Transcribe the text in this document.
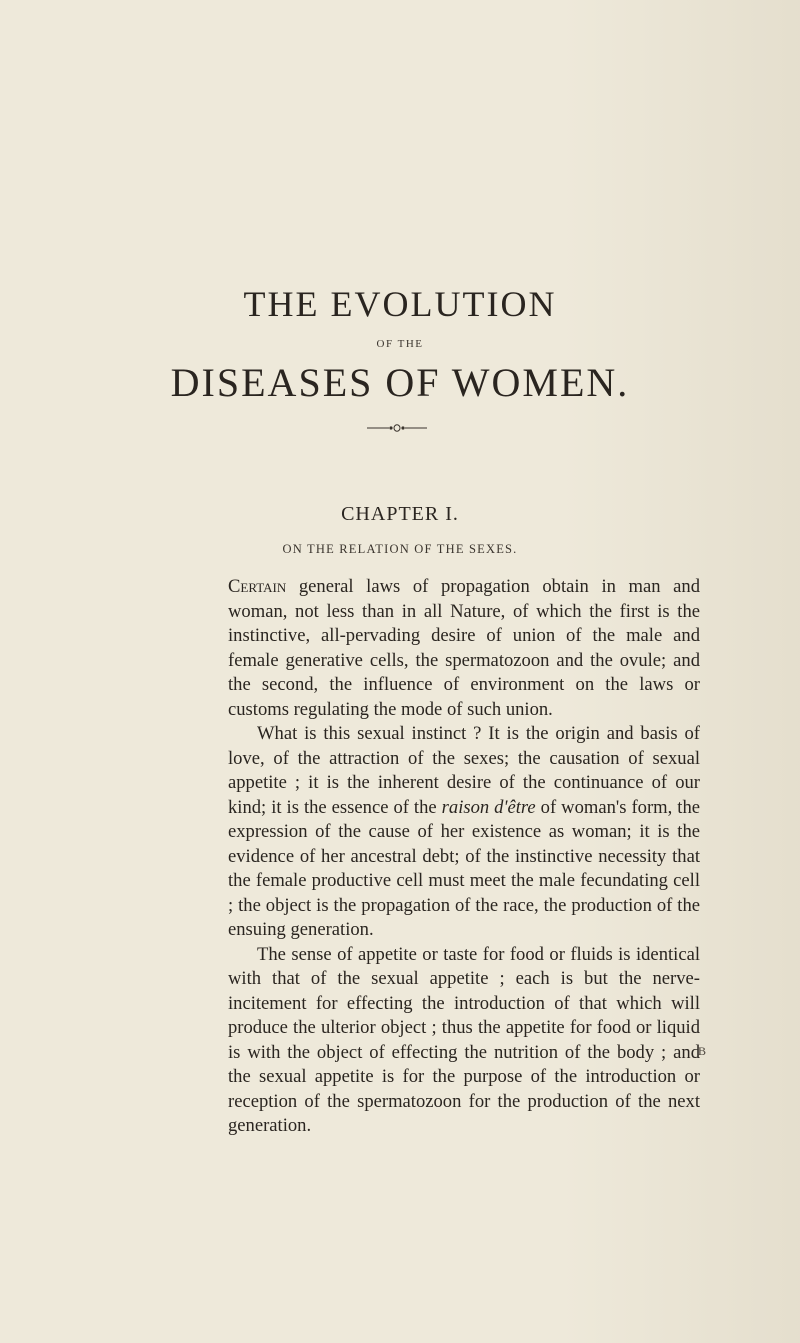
THE EVOLUTION
OF THE
DISEASES OF WOMEN.
CHAPTER I.
ON THE RELATION OF THE SEXES.

Certain general laws of propagation obtain in man and woman, not less than in all Nature, of which the first is the instinctive, all-pervading desire of union of the male and female generative cells, the spermatozoon and the ovule; and the second, the influence of environment on the laws or customs regulating the mode of such union.

What is this sexual instinct ? It is the origin and basis of love, of the attraction of the sexes; the causation of sexual appetite ; it is the inherent desire of the continuance of our kind; it is the essence of the raison d'être of woman's form, the expression of the cause of her existence as woman; it is the evidence of her ancestral debt; of the instinctive necessity that the female productive cell must meet the male fecundating cell ; the object is the propagation of the race, the production of the ensuing generation.

The sense of appetite or taste for food or fluids is identical with that of the sexual appetite ; each is but the nerve-incitement for effecting the introduction of that which will produce the ulterior object ; thus the appetite for food or liquid is with the object of effecting the nutrition of the body ; and the sexual appetite is for the purpose of the introduction or reception of the spermatozoon for the production of the next generation.

B
